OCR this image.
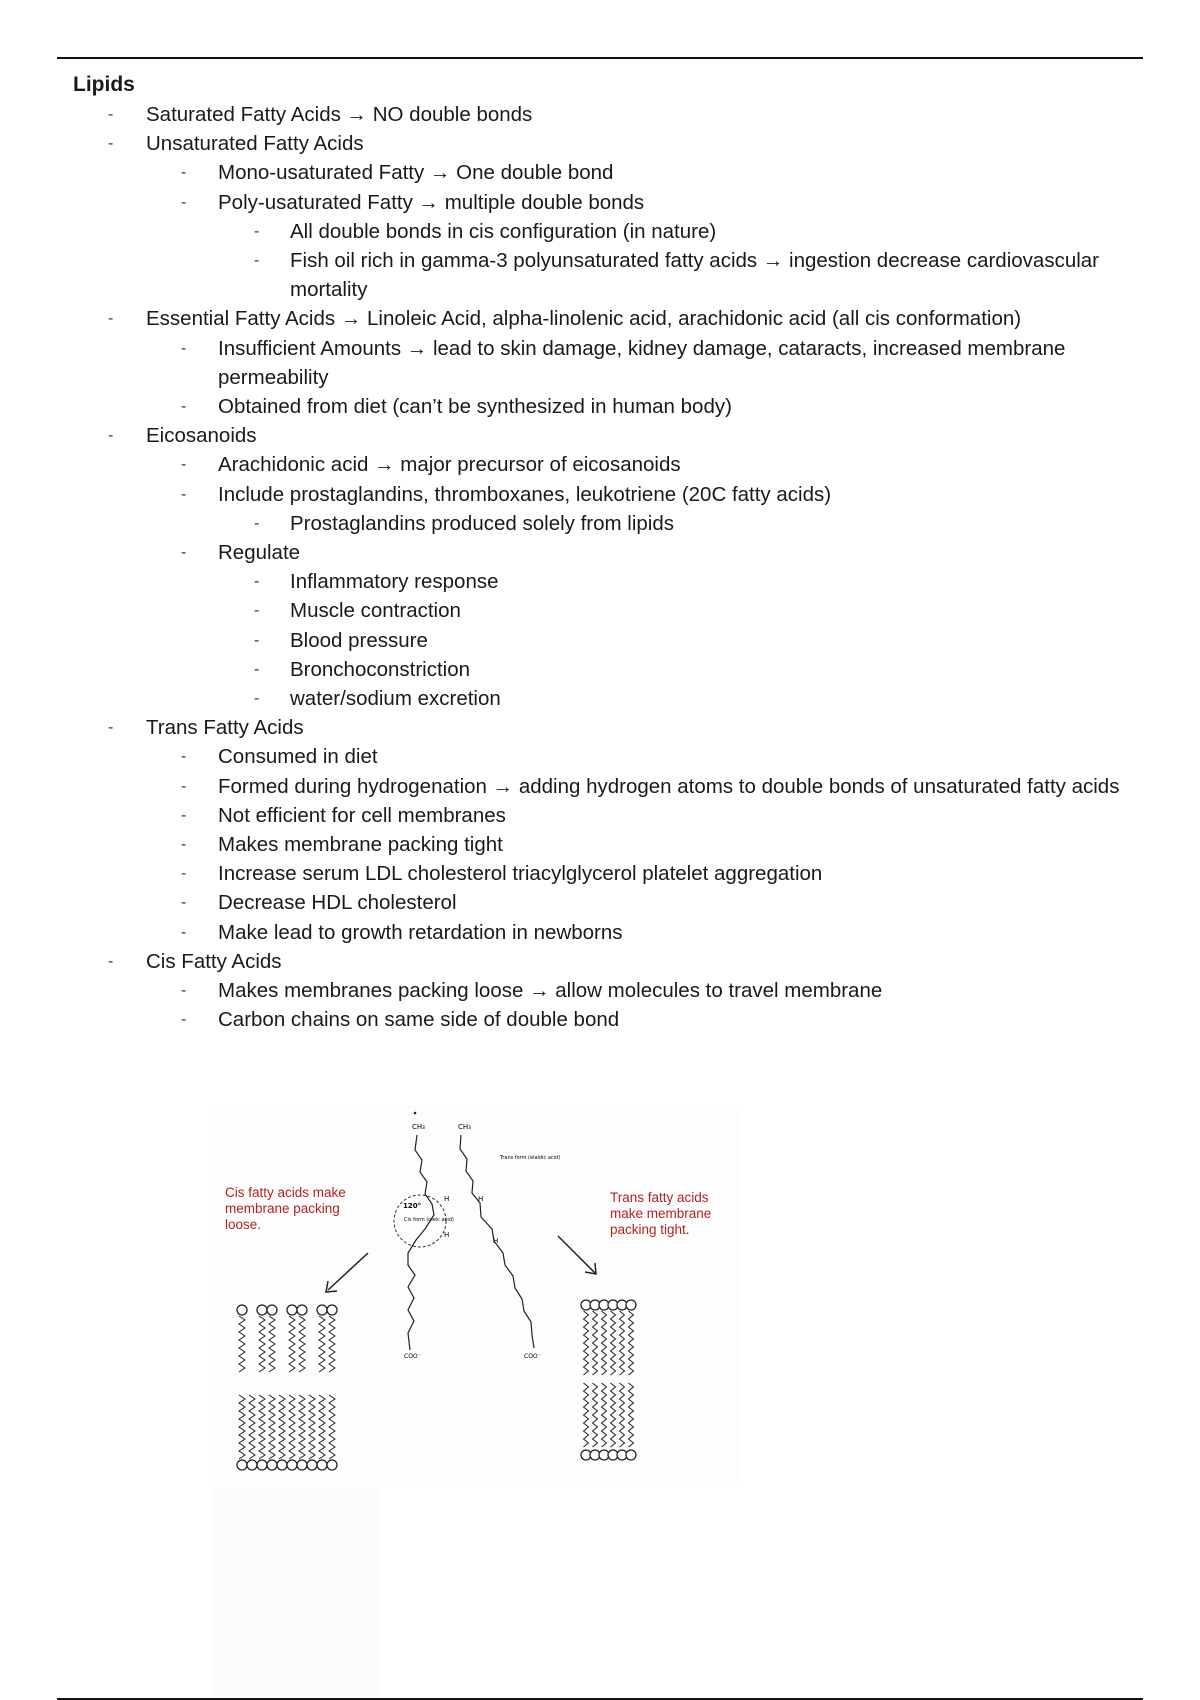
Lipids
- Saturated Fatty Acids → NO double bonds
- Unsaturated Fatty Acids
- Mono-usaturated Fatty → One double bond
- Poly-usaturated Fatty → multiple double bonds
- All double bonds in cis configuration (in nature)
- Fish oil rich in gamma-3 polyunsaturated fatty acids → ingestion decrease cardiovascular mortality
- Essential Fatty Acids → Linoleic Acid, alpha-linolenic acid, arachidonic acid (all cis conformation)
- Insufficient Amounts → lead to skin damage, kidney damage, cataracts, increased membrane permeability
- Obtained from diet (can’t be synthesized in human body)
- Eicosanoids
- Arachidonic acid → major precursor of eicosanoids
- Include prostaglandins, thromboxanes, leukotriene (20C fatty acids)
- Prostaglandins produced solely from lipids
- Regulate
- Inflammatory response
- Muscle contraction
- Blood pressure
- Bronchoconstriction
- water/sodium excretion
- Trans Fatty Acids
- Consumed in diet
- Formed during hydrogenation → adding hydrogen atoms to double bonds of unsaturated fatty acids
- Not efficient for cell membranes
- Makes membrane packing tight
- Increase serum LDL cholesterol triacylglycerol platelet aggregation
- Decrease HDL cholesterol
- Make lead to growth retardation in newborns
- Cis Fatty Acids
- Makes membranes packing loose → allow molecules to travel membrane
- Carbon chains on same side of double bond
Cis fatty acids make membrane packing loose.
Trans fatty acids make membrane packing tight.
CH₃	CH₃
120°
Cis form (oleic acid)
H
H
H
H
Trans form (elaidic acid)
COO⁻	COO⁻
